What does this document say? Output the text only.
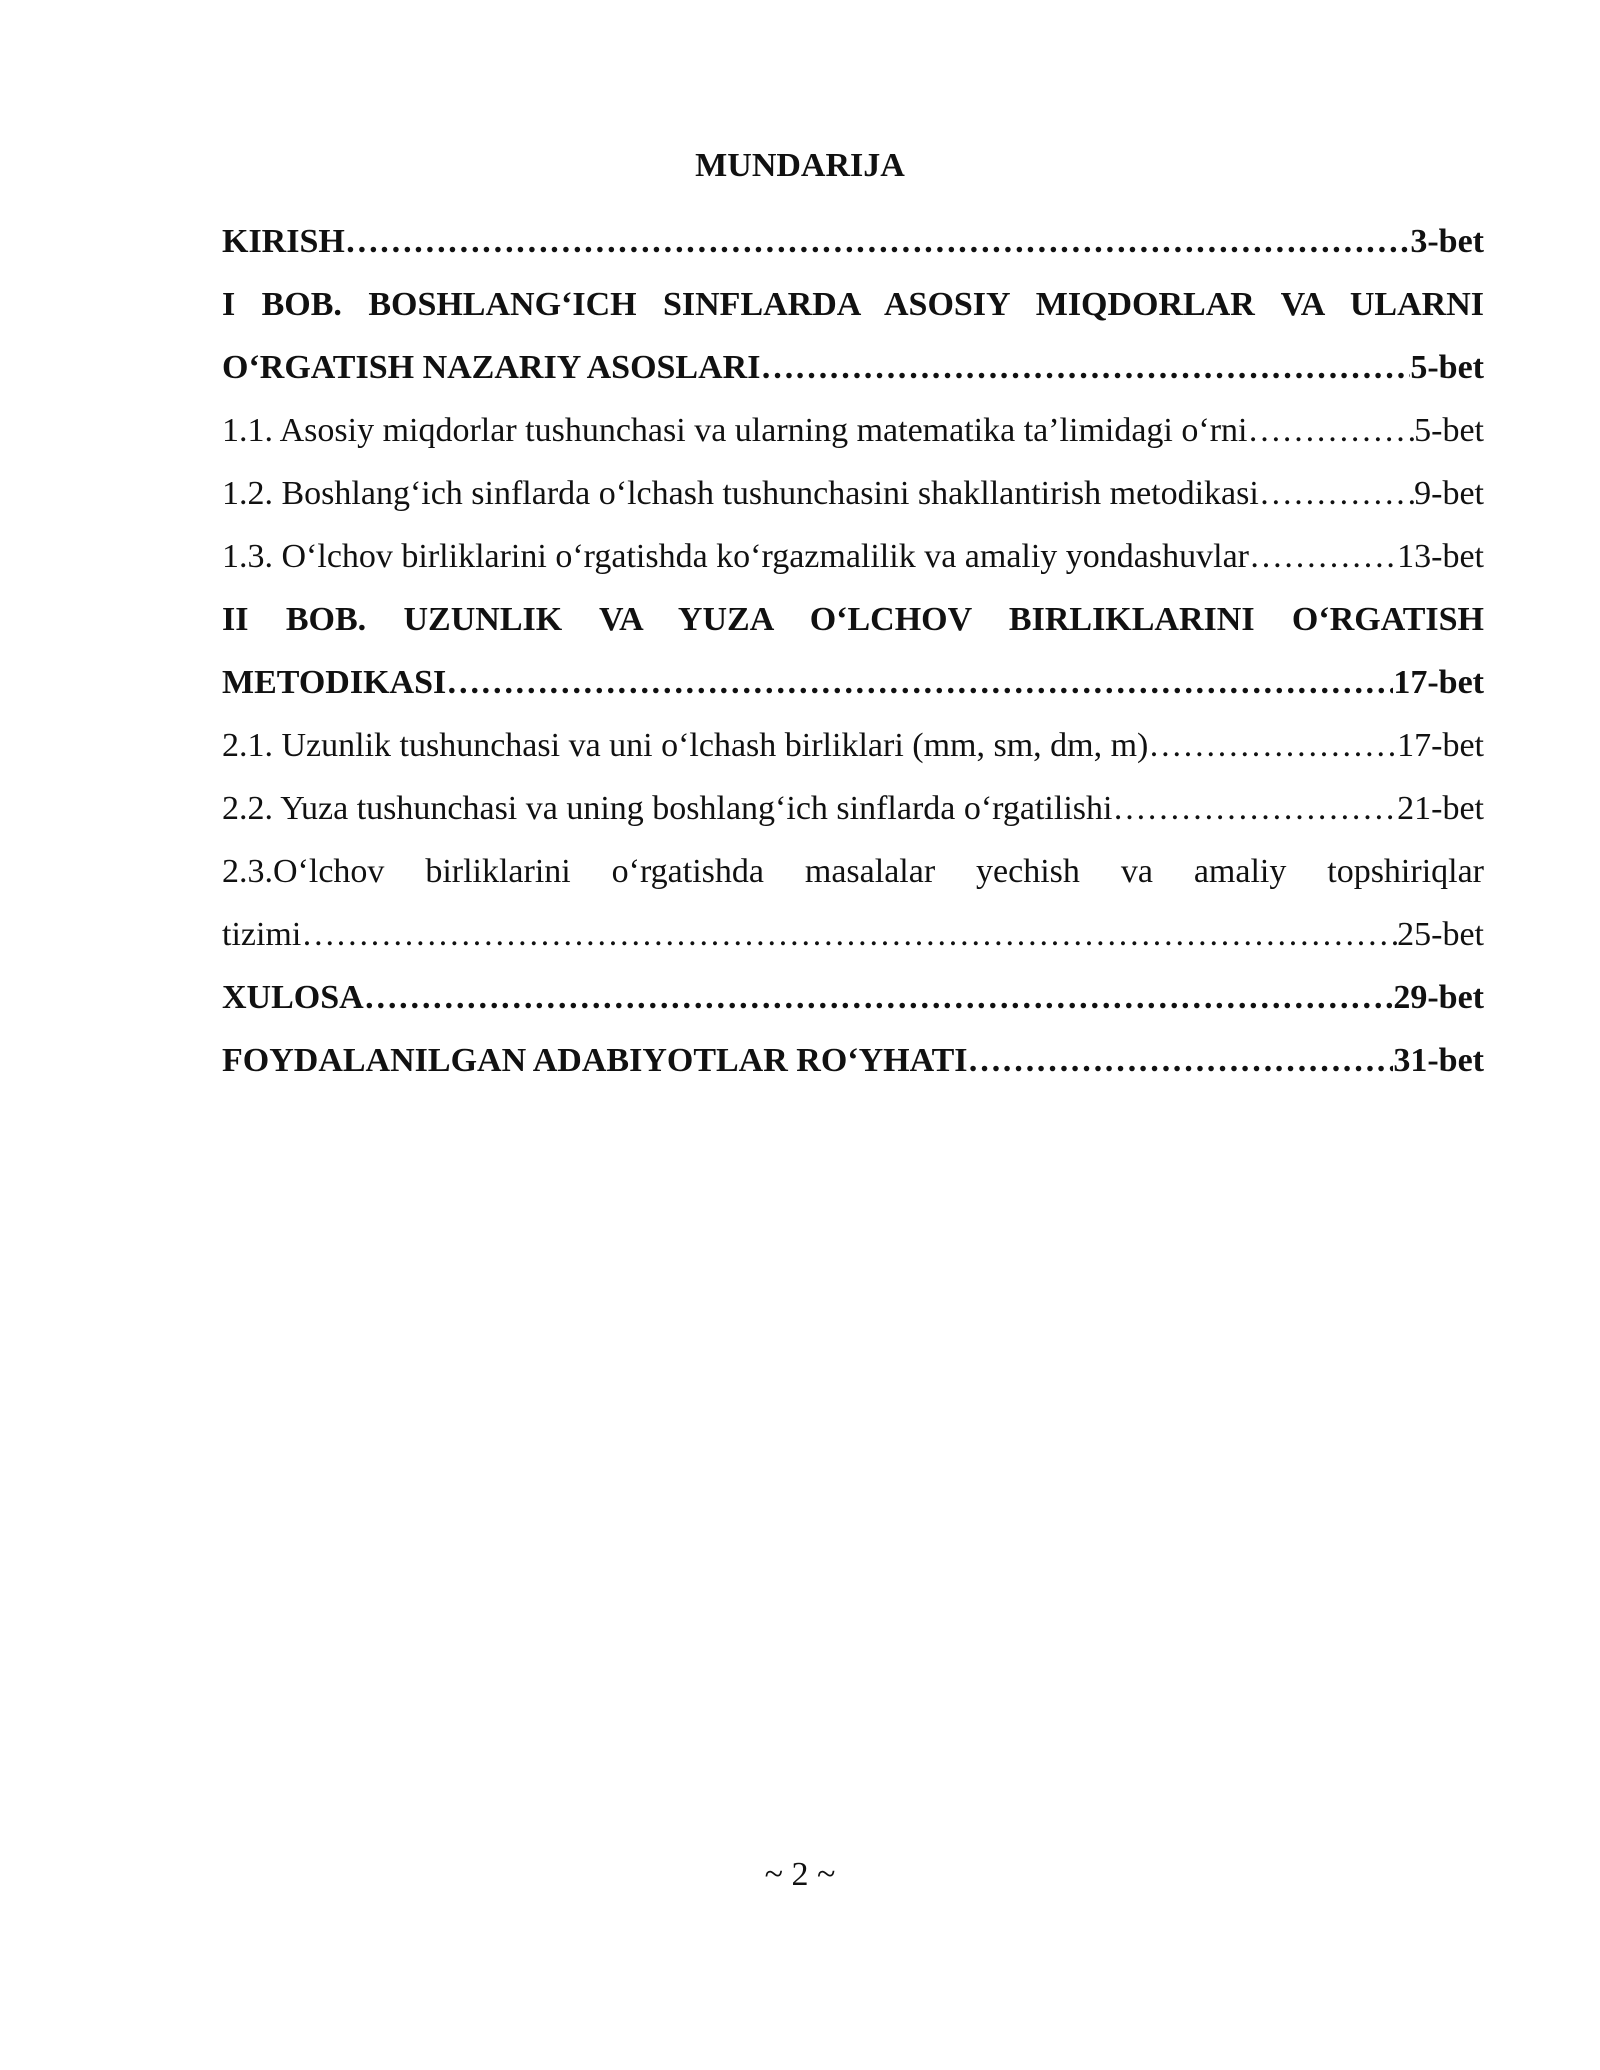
MUNDARIJA
KIRISH …………………………………………………………………………………………………………………………………………………………………………………………	3-bet
I BOB. BOSHLANG‘ICH SINFLARDA ASOSIY MIQDORLAR VA ULARNI
O‘RGATISH NAZARIY ASOSLARI …………………………………………………………………………………………………………………………………………………………………………………………	5-bet
1.1. Asosiy miqdorlar tushunchasi va ularning matematika ta’limidagi o‘rni …………………………………………………………………………………………………………………………………………………………………………………………	5-bet
1.2. Boshlang‘ich sinflarda o‘lchash tushunchasini shakllantirish metodikasi …………………………………………………………………………………………………………………………………………………………………………………………	9-bet
1.3. O‘lchov birliklarini o‘rgatishda ko‘rgazmalilik va amaliy yondashuvlar …………………………………………………………………………………………………………………………………………………………………………………………	13-bet
II BOB. UZUNLIK VA YUZA O‘LCHOV BIRLIKLARINI O‘RGATISH
METODIKASI …………………………………………………………………………………………………………………………………………………………………………………………	17-bet
2.1. Uzunlik tushunchasi va uni o‘lchash birliklari (mm, sm, dm, m) …………………………………………………………………………………………………………………………………………………………………………………………	17-bet
2.2. Yuza tushunchasi va uning boshlang‘ich sinflarda o‘rgatilishi …………………………………………………………………………………………………………………………………………………………………………………………	21-bet
2.3.O‘lchov birliklarini o‘rgatishda masalalar yechish va amaliy topshiriqlar
tizimi …………………………………………………………………………………………………………………………………………………………………………………………	25-bet
XULOSA …………………………………………………………………………………………………………………………………………………………………………………………	29-bet
FOYDALANILGAN ADABIYOTLAR RO‘YHATI …………………………………………………………………………………………………………………………………………………………………………………………	31-bet
~ 2 ~
